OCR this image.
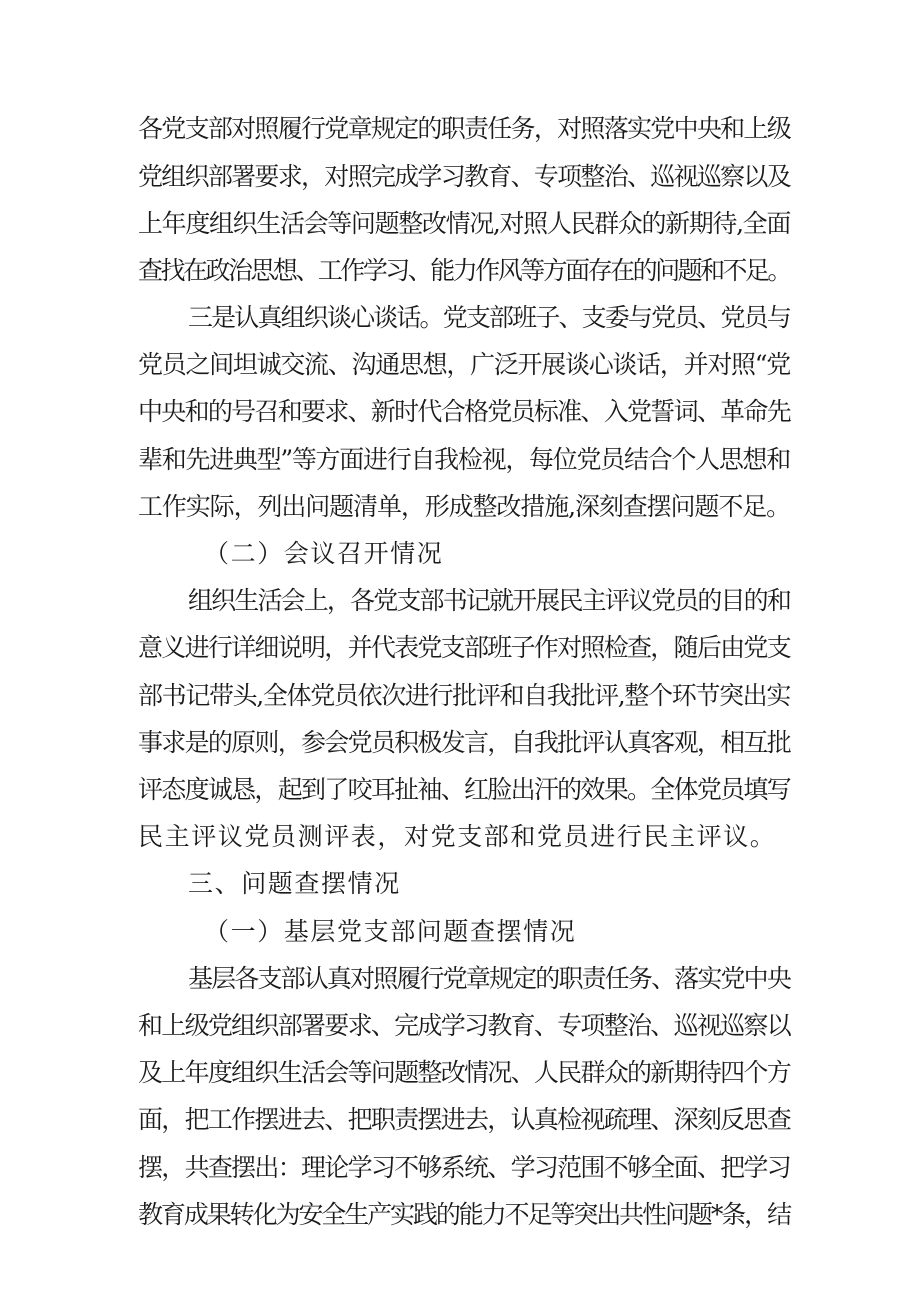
各党支部对照履行党章规定的职责任务，对照落实党中央和上级
党组织部署要求，对照完成学习教育、专项整治、巡视巡察以及
上年度组织生活会等问题整改情况,对照人民群众的新期待,全面
查找在政治思想、工作学习、能力作风等方面存在的问题和不足。
三是认真组织谈心谈话。党支部班子、支委与党员、党员与
党员之间坦诚交流、沟通思想，广泛开展谈心谈话，并对照“党
中央和的号召和要求、新时代合格党员标准、入党誓词、革命先
辈和先进典型”等方面进行自我检视，每位党员结合个人思想和
工作实际，列出问题清单，形成整改措施,深刻查摆问题不足。
（二）会议召开情况
组织生活会上，各党支部书记就开展民主评议党员的目的和
意义进行详细说明，并代表党支部班子作对照检查，随后由党支
部书记带头,全体党员依次进行批评和自我批评,整个环节突出实
事求是的原则，参会党员积极发言，自我批评认真客观，相互批
评态度诚恳，起到了咬耳扯袖、红脸出汗的效果。全体党员填写
民主评议党员测评表，对党支部和党员进行民主评议。
三、问题查摆情况
（一）基层党支部问题查摆情况
基层各支部认真对照履行党章规定的职责任务、落实党中央
和上级党组织部署要求、完成学习教育、专项整治、巡视巡察以
及上年度组织生活会等问题整改情况、人民群众的新期待四个方
面，把工作摆进去、把职责摆进去，认真检视疏理、深刻反思查
摆，共查摆出：理论学习不够系统、学习范围不够全面、把学习
教育成果转化为安全生产实践的能力不足等突出共性问题*条，结
